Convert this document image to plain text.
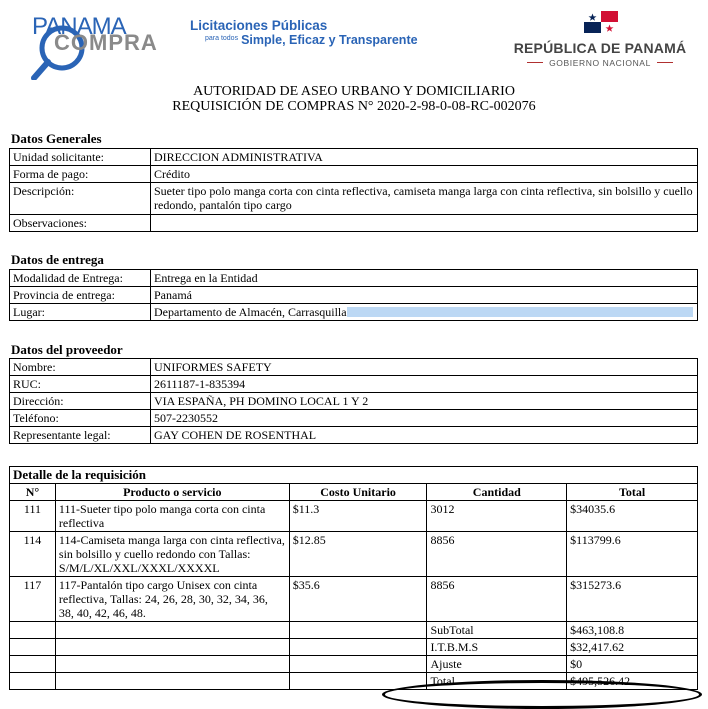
PANAMA
COMPRA
Licitaciones Públicas
$^{para todos}$ Simple, Eficaz y Transparente	REPÚBLICA DE PANAMÁ
GOBIERNO NACIONAL
AUTORIDAD DE ASEO URBANO Y DOMICILIARIO
REQUISICIÓN DE COMPRAS N° 2020-2-98-0-08-RC-002076
Datos Generales
Unidad solicitante:	DIRECCION ADMINISTRATIVA
Forma de pago:	Crédito
Descripción:	Sueter tipo polo manga corta con cinta reflectiva, camiseta manga larga con cinta reflectiva, sin bolsillo y cuello redondo, pantalón tipo cargo
Observaciones:	
Datos de entrega
Modalidad de Entrega:	Entrega en la Entidad
Provincia de entrega:	Panamá
Lugar:	Departamento de Almacén, Carrasquilla
Datos del proveedor
Nombre:	UNIFORMES SAFETY
RUC:	2611187-1-835394
Dirección:	VIA ESPAÑA, PH DOMINO LOCAL 1 Y 2
Teléfono:	507-2230552
Representante legal:	GAY COHEN DE ROSENTHAL
Detalle de la requisición				
N°	Producto o servicio	Costo Unitario	Cantidad	Total
111	111-Sueter tipo polo manga corta con cinta reflectiva	$11.3	3012	$34035.6
114	114-Camiseta manga larga con cinta reflectiva, sin bolsillo y cuello redondo con Tallas: S/M/L/XL/XXL/XXXL/XXXXL	$12.85	8856	$113799.6
117	117-Pantalón tipo cargo Unisex con cinta reflectiva, Tallas: 24, 26, 28, 30, 32, 34, 36, 38, 40, 42, 46, 48.	$35.6	8856	$315273.6
			SubTotal	$463,108.8
			I.T.B.M.S	$32,417.62
			Ajuste	$0
			Total	$495,526.42
